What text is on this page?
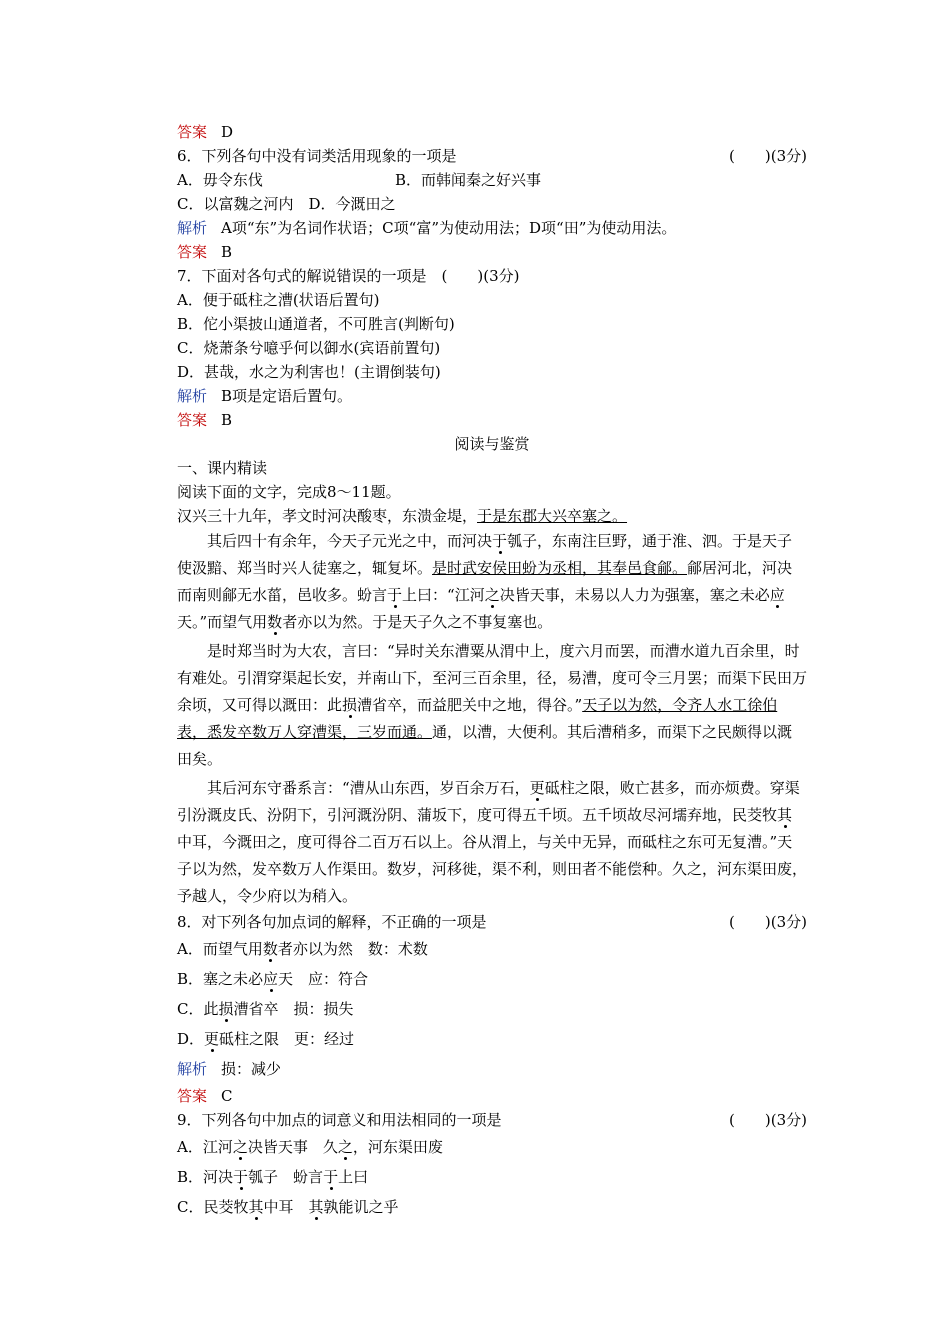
答案 D
6．下列各句中没有词类活用现象的一项是	(　　)(3分)
A．毋令东伐	B．而韩闻秦之好兴事
C．以富魏之河内　 D．今溉田之
解析 A项“东”为名词作状语；C项“富”为使动用法；D项“田”为使动用法。
答案 B
7．下面对各句式的解说错误的一项是　(　　)(3分)
A．便于砥柱之漕(状语后置句)
B．佗小渠披山通道者，不可胜言(判断句)
C．烧萧条兮噫乎何以御水(宾语前置句)
D．甚哉，水之为利害也！(主谓倒装句)
解析 B项是定语后置句。
答案 B
阅读与鉴赏
一、课内精读
阅读下面的文字，完成8～11题。
汉兴三十九年，孝文时河决酸枣，东溃金堤，于是东郡大兴卒塞之。

其后四十有余年，今天子元光之中，而河决于瓠子，东南注巨野，通于淮、泗。于是天子使汲黯、郑当时兴人徒塞之，辄复坏。是时武安侯田蚡为丞相，其奉邑食鄃。鄃居河北，河决而南则鄃无水菑，邑收多。蚡言于上曰：“江河之决皆天事，未易以人力为强塞，塞之未必应天。”而望气用数者亦以为然。于是天子久之不事复塞也。

是时郑当时为大农，言曰：“异时关东漕粟从渭中上，度六月而罢，而漕水道九百余里，时有难处。引渭穿渠起长安，并南山下，至河三百余里，径，易漕，度可令三月罢；而渠下民田万余顷，又可得以溉田：此损漕省卒，而益肥关中之地，得谷。”天子以为然，令齐人水工徐伯表，悉发卒数万人穿漕渠，三岁而通。通，以漕，大便利。其后漕稍多，而渠下之民颇得以溉田矣。

其后河东守番系言：“漕从山东西，岁百余万石，更砥柱之限，败亡甚多，而亦烦费。穿渠引汾溉皮氏、汾阴下，引河溉汾阴、蒲坂下，度可得五千顷。五千顷故尽河壖弃地，民茭牧其中耳，今溉田之，度可得谷二百万石以上。谷从渭上，与关中无异，而砥柱之东可无复漕。”天子以为然，发卒数万人作渠田。数岁，河移徙，渠不利，则田者不能偿种。久之，河东渠田废，予越人，令少府以为稍入。

8．对下列各句加点词的解释，不正确的一项是	(　　)(3分)
A．而望气用数者亦以为然　数：术数
B．塞之未必应天　应：符合
C．此损漕省卒　损：损失
D．更砥柱之限　更：经过
解析 损：减少
答案 C
9．下列各句中加点的词意义和用法相同的一项是	(　　)(3分)
A．江河之决皆天事　久之，河东渠田废
B．河决于瓠子　蚡言于上曰
C．民茭牧其中耳　其孰能讥之乎
